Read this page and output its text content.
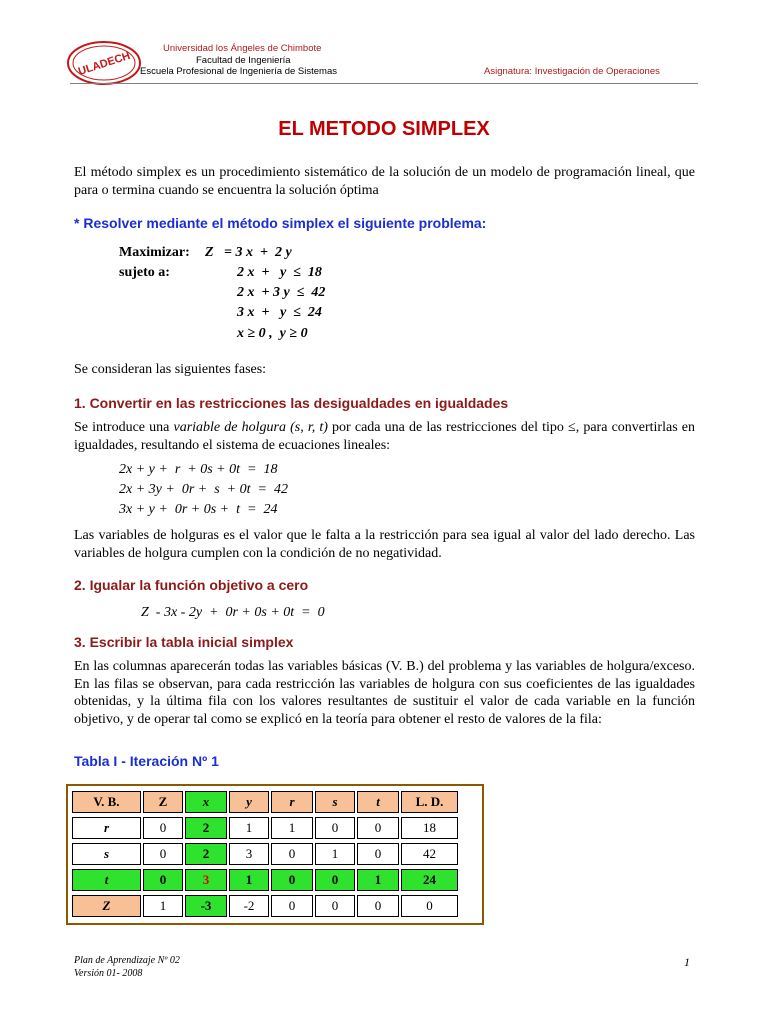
ULADECH
Universidad los Ángeles de Chimbote
Facultad de Ingeniería
Escuela Profesional de Ingeniería de Sistemas	Asignatura: Investigación de Operaciones
EL METODO SIMPLEX
El método simplex es un procedimiento sistemático de la solución de un modelo de programación lineal, que para o termina cuando se encuentra la solución óptima
* Resolver mediante el método simplex el siguiente problema:
Maximizar: Z   = 3 x  +  2 y
sujeto a:	2 x  +   y  ≤  18
2 x  + 3 y  ≤  42
3 x  +   y  ≤  24
x ≥ 0 ,  y ≥ 0
Se consideran las siguientes fases:
1. Convertir en las restricciones las desigualdades en igualdades
Se introduce una variable de holgura (s, r, t) por cada una de las restricciones del tipo ≤, para convertirlas en igualdades, resultando el sistema de ecuaciones lineales:
2x + y +  r  + 0s + 0t  =  18
2x + 3y +  0r +  s  + 0t  =  42
3x + y +  0r + 0s +  t  =  24
Las variables de holguras es el valor que le falta a la restricción para sea igual al valor del lado derecho. Las variables de holgura cumplen con la condición de no negatividad.
2. Igualar la función objetivo a cero
Z  - 3x - 2y  +  0r + 0s + 0t  =  0
3. Escribir la tabla inicial simplex
En las columnas aparecerán todas las variables básicas (V. B.) del problema y las variables de holgura/exceso. En las filas se observan, para cada restricción las variables de holgura con sus coeficientes de las igualdades obtenidas, y la última fila con los valores resultantes de sustituir el valor de cada variable en la función objetivo, y de operar tal como se explicó en la teoría para obtener el resto de valores de la fila:
Tabla I - Iteración Nº 1
V. B.	Z	x	y	r	s	t	L. D.
r	0	2	1	1	0	0	18
s	0	2	3	0	1	0	42
t	0	3	1	0	0	1	24
Z	1	-3	-2	0	0	0	0
Plan de Aprendizaje Nº 02
Versión 01- 2008
1
